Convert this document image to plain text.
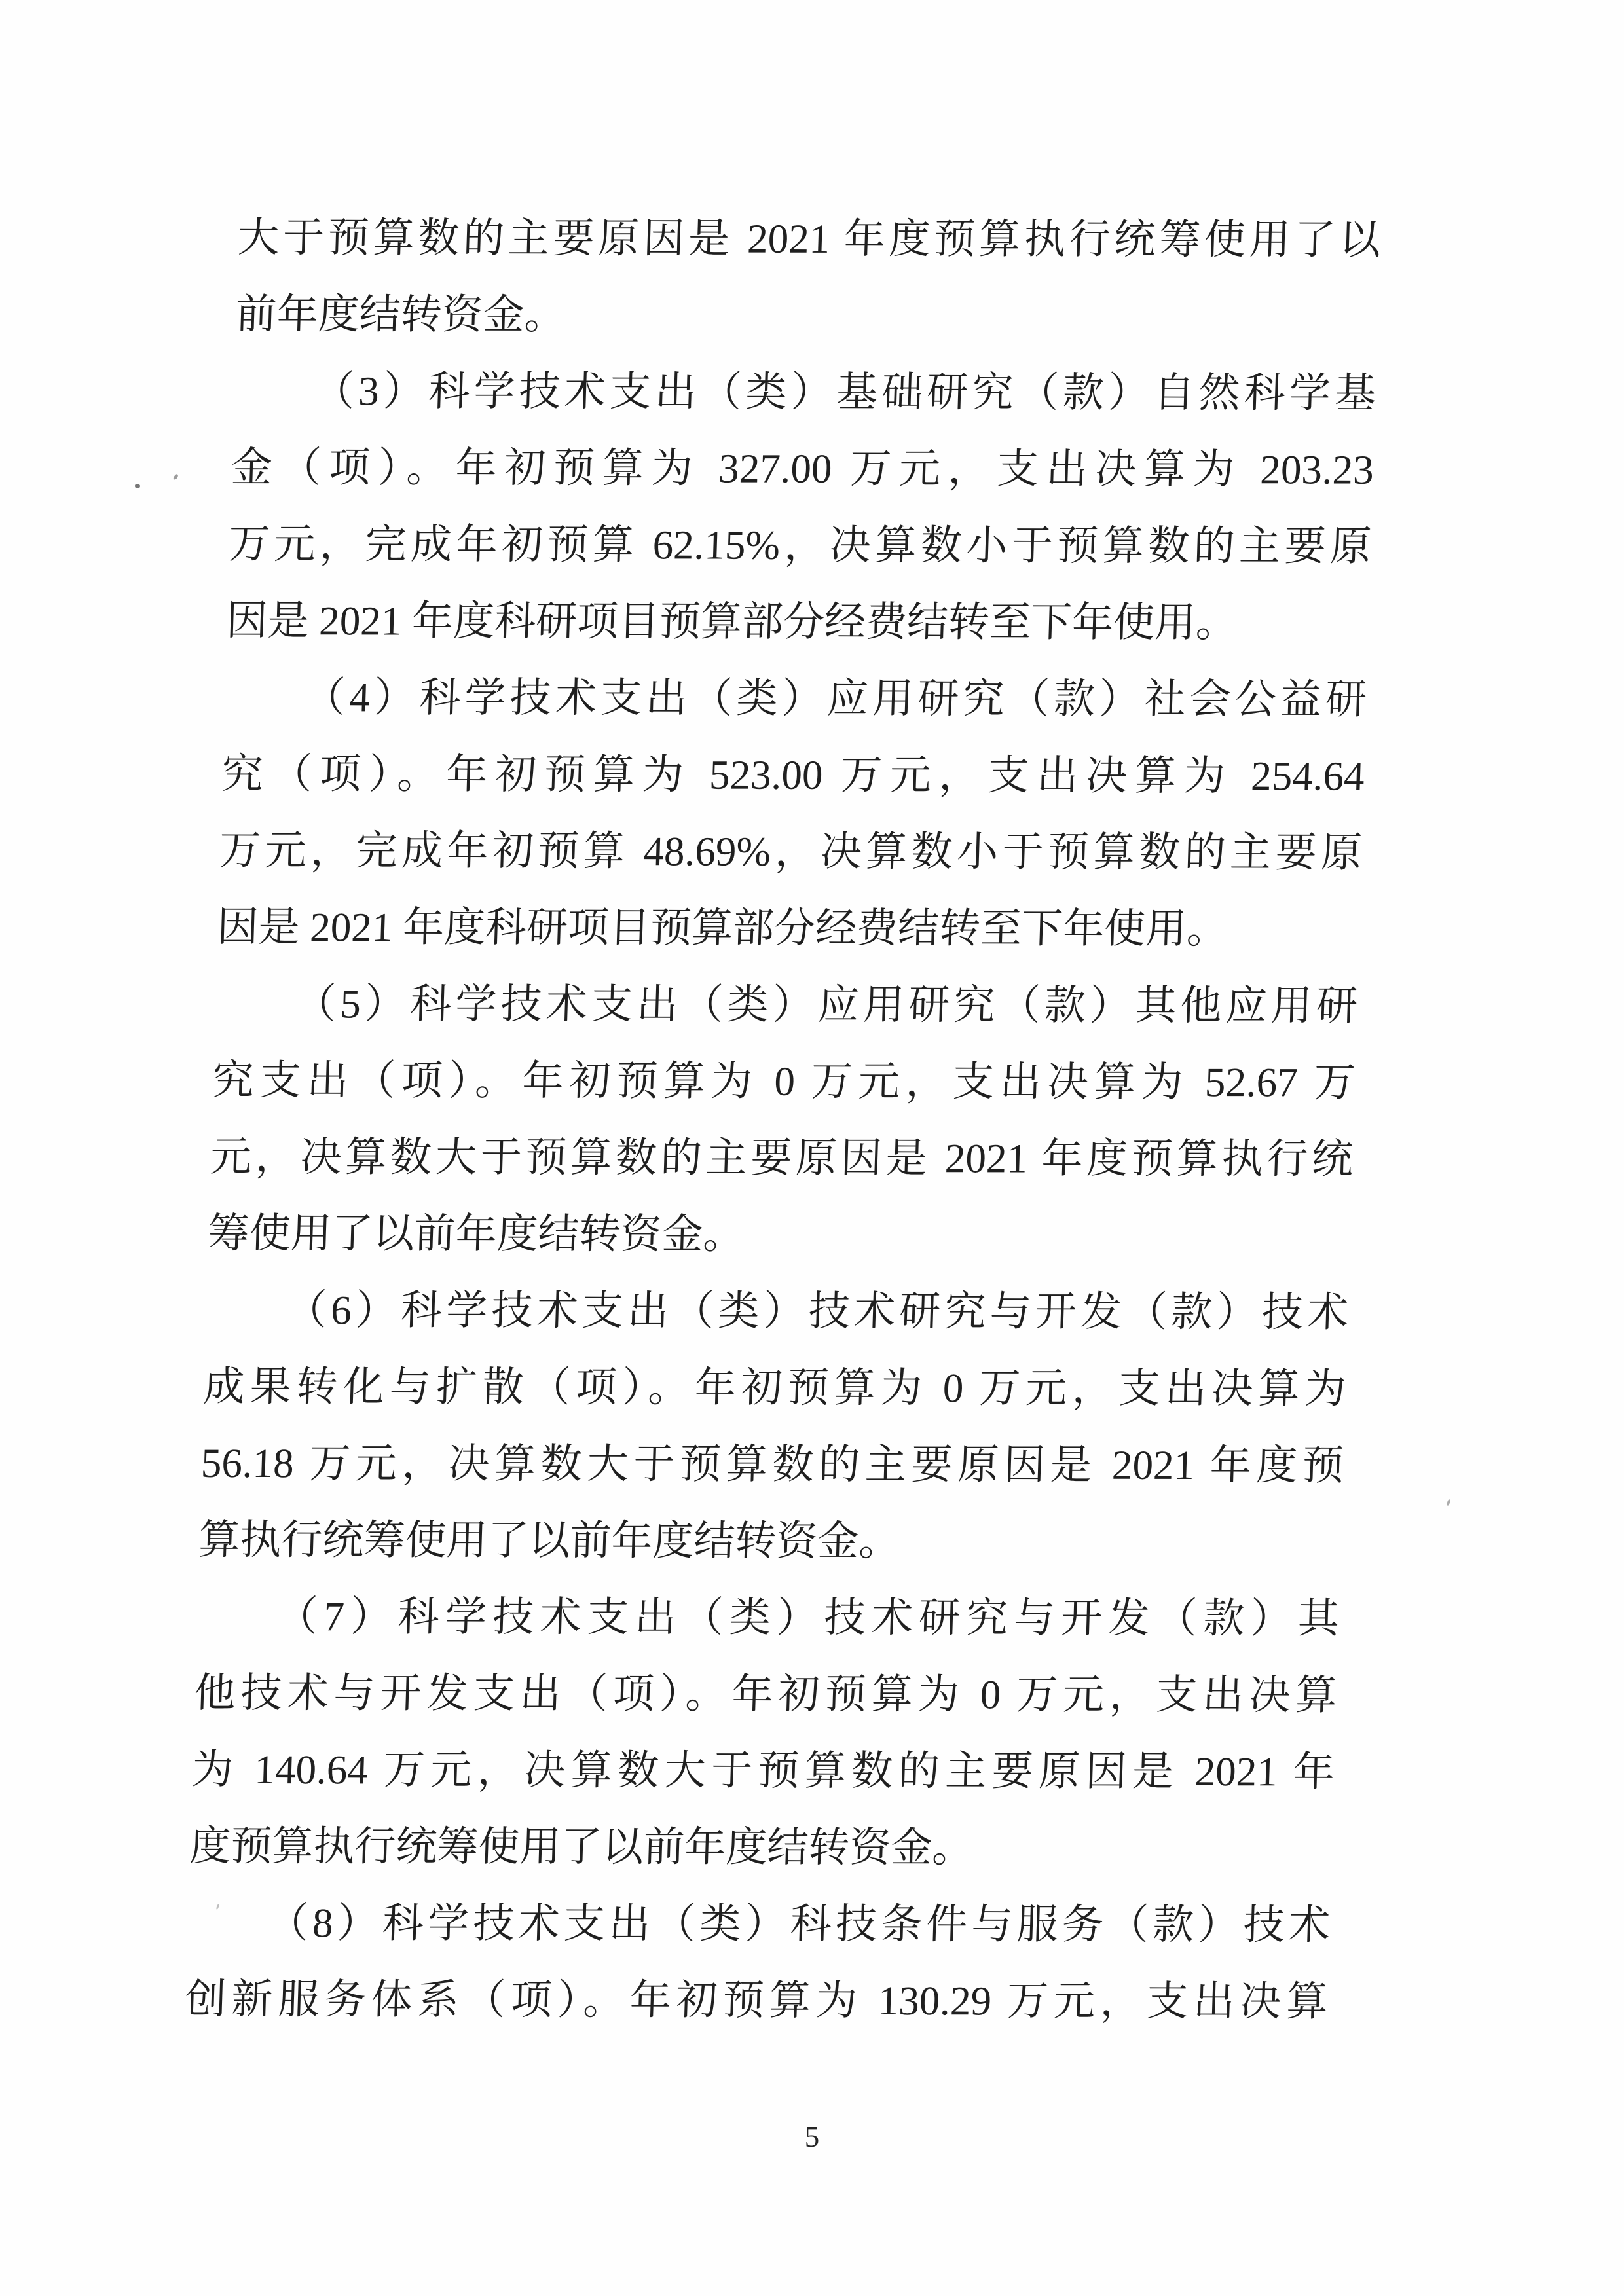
大于预算数的主要原因是 2021 年度预算执行统筹使用了以
前年度结转资金。
（3）科学技术支出（类）基础研究（款）自然科学基
金（项）。年初预算为 327.00 万元，支出决算为 203.23
万元，完成年初预算 62.15%，决算数小于预算数的主要原
因是 2021 年度科研项目预算部分经费结转至下年使用。
（4）科学技术支出（类）应用研究（款）社会公益研
究（项）。年初预算为 523.00 万元，支出决算为 254.64
万元，完成年初预算 48.69%，决算数小于预算数的主要原
因是 2021 年度科研项目预算部分经费结转至下年使用。
（5）科学技术支出（类）应用研究（款）其他应用研
究支出（项）。年初预算为 0 万元，支出决算为 52.67 万
元，决算数大于预算数的主要原因是 2021 年度预算执行统
筹使用了以前年度结转资金。
（6）科学技术支出（类）技术研究与开发（款）技术
成果转化与扩散（项）。年初预算为 0 万元，支出决算为
56.18 万元，决算数大于预算数的主要原因是 2021 年度预
算执行统筹使用了以前年度结转资金。
（7）科学技术支出（类）技术研究与开发（款）其
他技术与开发支出（项）。年初预算为 0 万元，支出决算
为 140.64 万元，决算数大于预算数的主要原因是 2021 年
度预算执行统筹使用了以前年度结转资金。
（8）科学技术支出（类）科技条件与服务（款）技术
创新服务体系（项）。年初预算为 130.29 万元，支出决算
5
